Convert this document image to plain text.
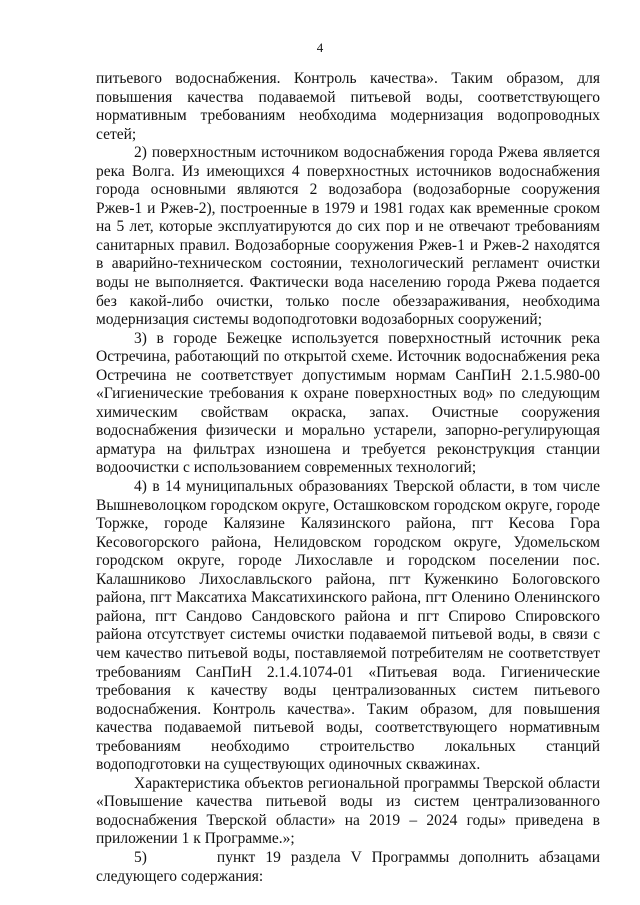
4

питьевого водоснабжения. Контроль качества». Таким образом, для повышения качества подаваемой питьевой воды, соответствующего нормативным требованиям необходима модернизация водопроводных сетей;

2) поверхностным источником водоснабжения города Ржева является река Волга. Из имеющихся 4 поверхностных источников водоснабжения города основными являются 2 водозабора (водозаборные сооружения Ржев-1 и Ржев-2), построенные в 1979 и 1981 годах как временные сроком на 5 лет, которые эксплуатируются до сих пор и не отвечают требованиям санитарных правил. Водозаборные сооружения Ржев-1 и Ржев-2 находятся в аварийно-техническом состоянии, технологический регламент очистки воды не выполняется. Фактически вода населению города Ржева подается без какой-либо очистки, только после обеззараживания, необходима модернизация системы водоподготовки водозаборных сооружений;

3) в городе Бежецке используется поверхностный источник река Остречина, работающий по открытой схеме. Источник водоснабжения река Остречина не соответствует допустимым нормам СанПиН 2.1.5.980-00 «Гигиенические требования к охране поверхностных вод» по следующим химическим свойствам окраска, запах. Очистные сооружения водоснабжения физически и морально устарели, запорно-регулирующая арматура на фильтрах изношена и требуется реконструкция станции водоочистки с использованием современных технологий;

4) в 14 муниципальных образованиях Тверской области, в том числе Вышневолоцком городском округе, Осташковском городском округе, городе Торжке, городе Калязине Калязинского района, пгт Кесова Гора Кесовогорского района, Нелидовском городском округе, Удомельском городском округе, городе Лихославле и городском поселении пос. Калашниково Лихославльского района, пгт Куженкино Бологовского района, пгт Максатиха Максатихинского района, пгт Оленино Оленинского района, пгт Сандово Сандовского района и пгт Спирово Спировского района отсутствует системы очистки подаваемой питьевой воды, в связи с чем качество питьевой воды, поставляемой потребителям не соответствует требованиям СанПиН 2.1.4.1074-01 «Питьевая вода. Гигиенические требования к качеству воды централизованных систем питьевого водоснабжения. Контроль качества». Таким образом, для повышения качества подаваемой питьевой воды, соответствующего нормативным требованиям необходимо строительство локальных станций водоподготовки на существующих одиночных скважинах.

Характеристика объектов региональной программы Тверской области «Повышение качества питьевой воды из систем централизованного водоснабжения Тверской области» на 2019 – 2024 годы» приведена в приложении 1 к Программе.»;

5)       пункт 19 раздела V Программы дополнить абзацами следующего содержания:
